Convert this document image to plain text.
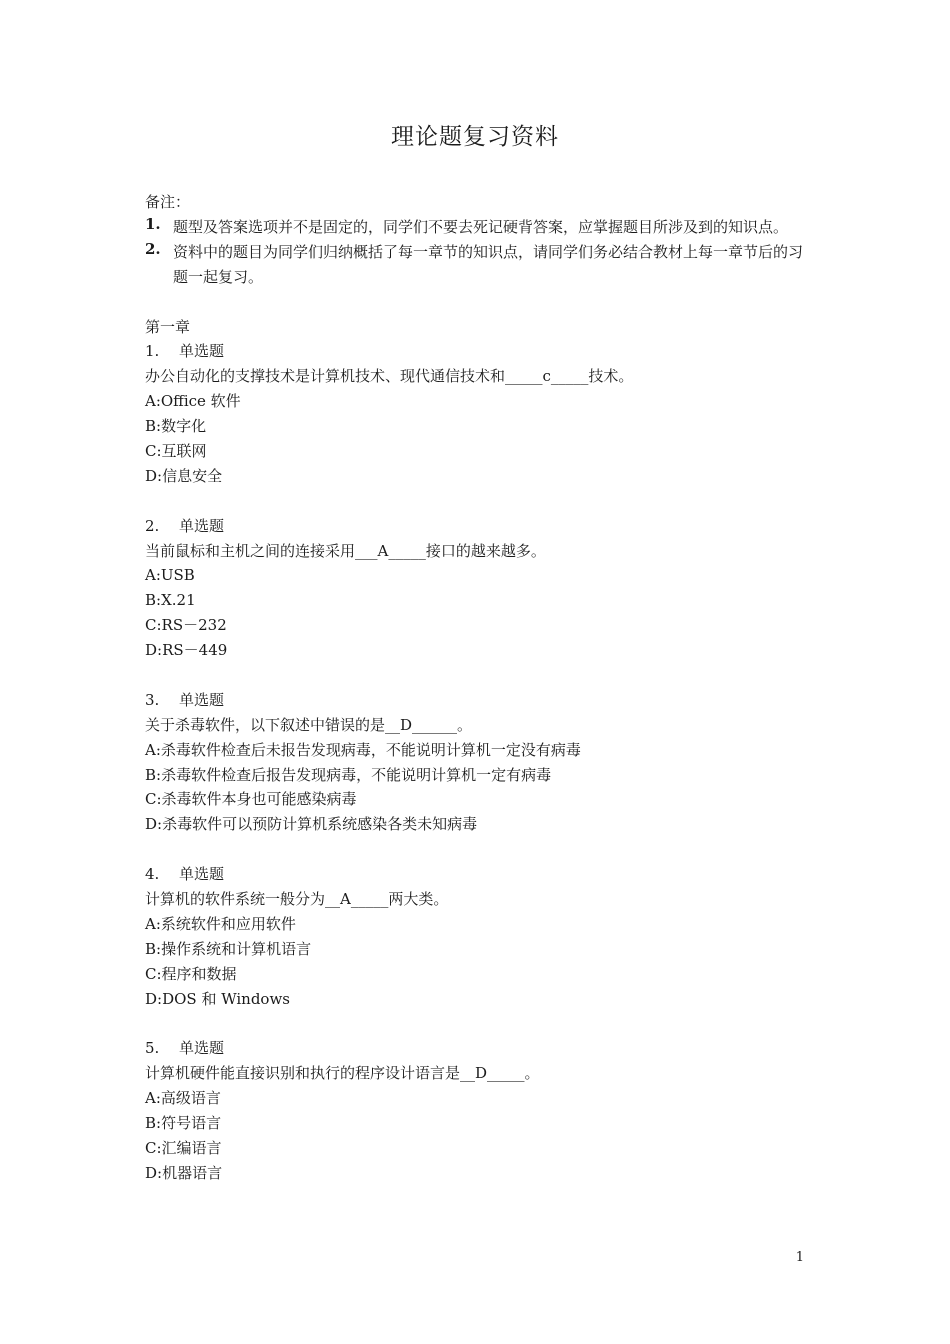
理论题复习资料
备注：
1. 题型及答案选项并不是固定的，同学们不要去死记硬背答案，应掌握题目所涉及到的知识点。
2. 资料中的题目为同学们归纳概括了每一章节的知识点，请同学们务必结合教材上每一章节后的习题一起复习。
第一章
1. 单选题
办公自动化的支撑技术是计算机技术、现代通信技术和_____c_____技术。
A:Office 软件
B:数字化
C:互联网
D:信息安全
2. 单选题
当前鼠标和主机之间的连接采用___A_____接口的越来越多。
A:USB
B:X.21
C:RS－232
D:RS－449
3. 单选题
关于杀毒软件，以下叙述中错误的是__D______。
A:杀毒软件检查后未报告发现病毒，不能说明计算机一定没有病毒
B:杀毒软件检查后报告发现病毒，不能说明计算机一定有病毒
C:杀毒软件本身也可能感染病毒
D:杀毒软件可以预防计算机系统感染各类未知病毒
4. 单选题
计算机的软件系统一般分为__A_____两大类。
A:系统软件和应用软件
B:操作系统和计算机语言
C:程序和数据
D:DOS 和 Windows
5. 单选题
计算机硬件能直接识别和执行的程序设计语言是__D_____。
A:高级语言
B:符号语言
C:汇编语言
D:机器语言
1
